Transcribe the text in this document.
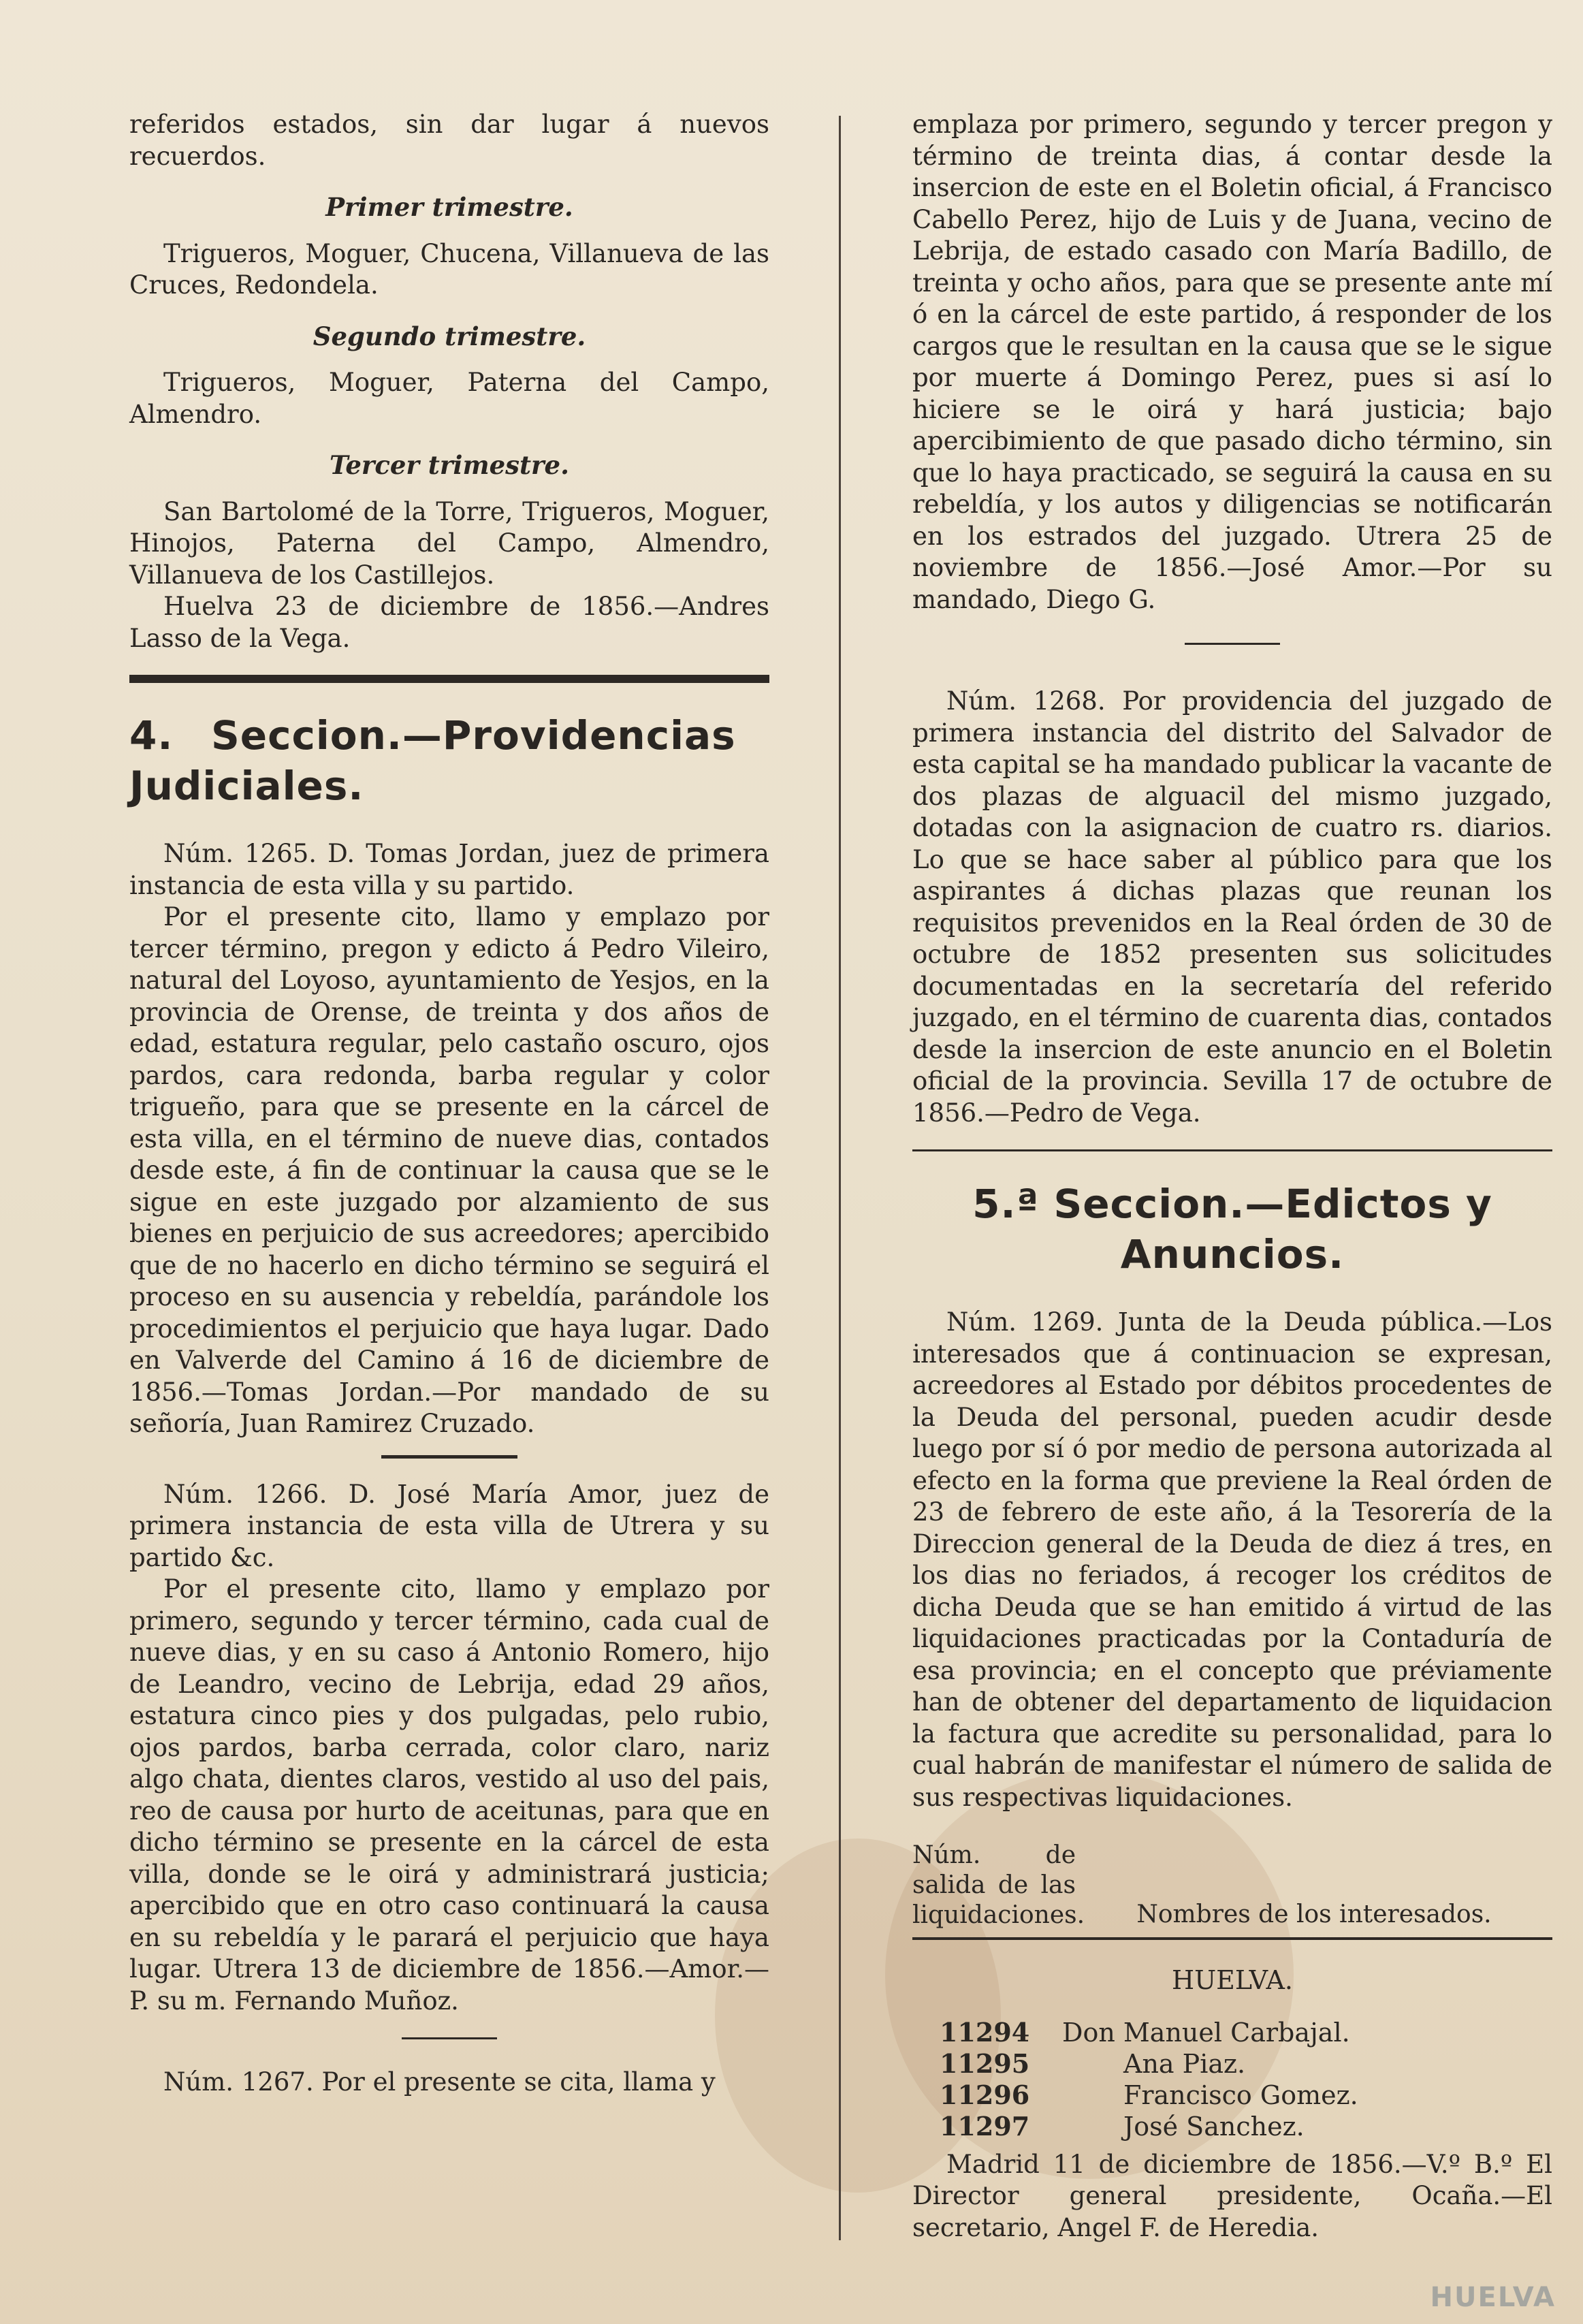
referidos estados, sin dar lugar á nuevos recuerdos.

Primer trimestre.

Trigueros, Moguer, Chucena, Villanueva de las Cruces, Redondela.

Segundo trimestre.

Trigueros, Moguer, Paterna del Campo, Almendro.

Tercer trimestre.

San Bartolomé de la Torre, Trigueros, Moguer, Hinojos, Paterna del Campo, Almendro, Villanueva de los Castillejos.

Huelva 23 de diciembre de 1856.—Andres Lasso de la Vega.

4. Seccion.—Providencias Judiciales.

Núm. 1265. D. Tomas Jordan, juez de primera instancia de esta villa y su partido.

Por el presente cito, llamo y emplazo por tercer término, pregon y edicto á Pedro Vileiro, natural del Loyoso, ayuntamiento de Yesjos, en la provincia de Orense, de treinta y dos años de edad, estatura regular, pelo castaño oscuro, ojos pardos, cara redonda, barba regular y color trigueño, para que se presente en la cárcel de esta villa, en el término de nueve dias, contados desde este, á fin de continuar la causa que se le sigue en este juzgado por alzamiento de sus bienes en perjuicio de sus acreedores; apercibido que de no hacerlo en dicho término se seguirá el proceso en su ausencia y rebeldía, parándole los procedimientos el perjuicio que haya lugar. Dado en Valverde del Camino á 16 de diciembre de 1856.—Tomas Jordan.—Por mandado de su señoría, Juan Ramirez Cruzado.

Núm. 1266. D. José María Amor, juez de primera instancia de esta villa de Utrera y su partido &c.

Por el presente cito, llamo y emplazo por primero, segundo y tercer término, cada cual de nueve dias, y en su caso á Antonio Romero, hijo de Leandro, vecino de Lebrija, edad 29 años, estatura cinco pies y dos pulgadas, pelo rubio, ojos pardos, barba cerrada, color claro, nariz algo chata, dientes claros, vestido al uso del pais, reo de causa por hurto de aceitunas, para que en dicho término se presente en la cárcel de esta villa, donde se le oirá y administrará justicia; apercibido que en otro caso continuará la causa en su rebeldía y le parará el perjuicio que haya lugar. Utrera 13 de diciembre de 1856.—Amor.—P. su m. Fernando Muñoz.

Núm. 1267. Por el presente se cita, llama y

emplaza por primero, segundo y tercer pregon y término de treinta dias, á contar desde la insercion de este en el Boletin oficial, á Francisco Cabello Perez, hijo de Luis y de Juana, vecino de Lebrija, de estado casado con María Badillo, de treinta y ocho años, para que se presente ante mí ó en la cárcel de este partido, á responder de los cargos que le resultan en la causa que se le sigue por muerte á Domingo Perez, pues si así lo hiciere se le oirá y hará justicia; bajo apercibimiento de que pasado dicho término, sin que lo haya practicado, se seguirá la causa en su rebeldía, y los autos y diligencias se notificarán en los estrados del juzgado. Utrera 25 de noviembre de 1856.—José Amor.—Por su mandado, Diego G.

Núm. 1268. Por providencia del juzgado de primera instancia del distrito del Salvador de esta capital se ha mandado publicar la vacante de dos plazas de alguacil del mismo juzgado, dotadas con la asignacion de cuatro rs. diarios. Lo que se hace saber al público para que los aspirantes á dichas plazas que reunan los requisitos prevenidos en la Real órden de 30 de octubre de 1852 presenten sus solicitudes documentadas en la secretaría del referido juzgado, en el término de cuarenta dias, contados desde la insercion de este anuncio en el Boletin oficial de la provincia. Sevilla 17 de octubre de 1856.—Pedro de Vega.

5.ª Seccion.—Edictos y Anuncios.

Núm. 1269. Junta de la Deuda pública.—Los interesados que á continuacion se expresan, acreedores al Estado por débitos procedentes de la Deuda del personal, pueden acudir desde luego por sí ó por medio de persona autorizada al efecto en la forma que previene la Real órden de 23 de febrero de este año, á la Tesorería de la Direccion general de la Deuda de diez á tres, en los dias no feriados, á recoger los créditos de dicha Deuda que se han emitido á virtud de las liquidaciones practicadas por la Contaduría de esa provincia; en el concepto que préviamente han de obtener del departamento de liquidacion la factura que acredite su personalidad, para lo cual habrán de manifestar el número de salida de sus respectivas liquidaciones.

Núm. de salida de las liquidaciones.	Nombres de los interesados.

HUELVA.

11294	Don Manuel Carbajal.
11295	Ana Piaz.
11296	Francisco Gomez.
11297	José Sanchez.

Madrid 11 de diciembre de 1856.—V.º B.º El Director general presidente, Ocaña.—El secretario, Angel F. de Heredia.

HUELVA
